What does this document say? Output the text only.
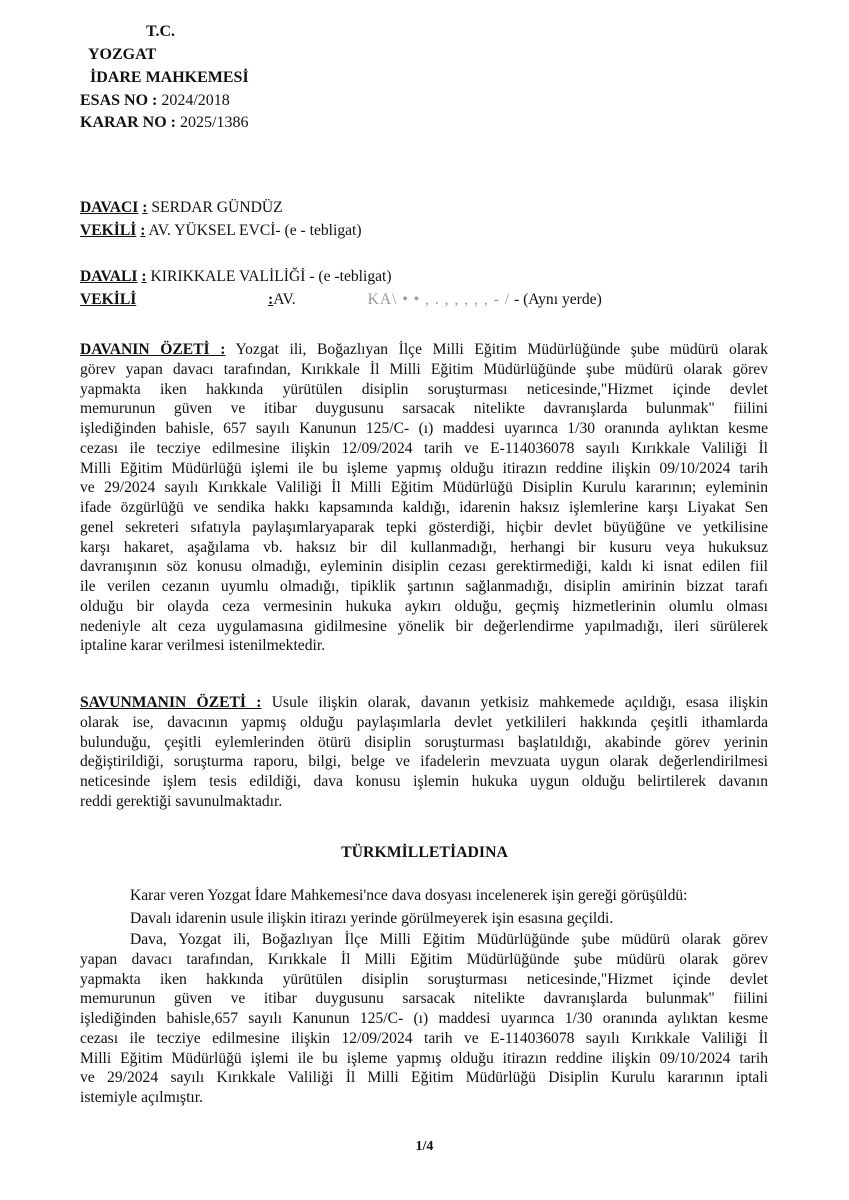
T.C.
YOZGAT
İDARE MAHKEMESİ
ESAS NO : 2024/2018
KARAR NO : 2025/1386
DAVACI : SERDAR GÜNDÜZ
VEKİLİ : AV. YÜKSEL EVCİ- (e - tebligat)
DAVALI : KIRIKKALE VALİLİĞİ - (e -tebligat)
VEKİLİ	:AV.	KA\ • • , . , , , , , - / - (Aynı yerde)
DAVANIN ÖZETİ : Yozgat ili, Boğazlıyan İlçe Milli Eğitim Müdürlüğünde şube müdürü olarak
görev yapan davacı tarafından, Kırıkkale İl Milli Eğitim Müdürlüğünde şube müdürü olarak görev
yapmakta iken hakkında yürütülen disiplin soruşturması neticesinde,"Hizmet içinde devlet
memurunun güven ve itibar duygusunu sarsacak nitelikte davranışlarda bulunmak" fiilini
işlediğinden bahisle, 657 sayılı Kanunun 125/C- (ı) maddesi uyarınca 1/30 oranında aylıktan kesme
cezası ile tecziye edilmesine ilişkin 12/09/2024 tarih ve E-114036078 sayılı Kırıkkale Valiliği İl
Milli Eğitim Müdürlüğü işlemi ile bu işleme yapmış olduğu itirazın reddine ilişkin 09/10/2024 tarih
ve 29/2024 sayılı Kırıkkale Valiliği İl Milli Eğitim Müdürlüğü Disiplin Kurulu kararının; eyleminin
ifade özgürlüğü ve sendika hakkı kapsamında kaldığı, idarenin haksız işlemlerine karşı Liyakat Sen
genel sekreteri sıfatıyla paylaşımlaryaparak tepki gösterdiği, hiçbir devlet büyüğüne ve yetkilisine
karşı hakaret, aşağılama vb. haksız bir dil kullanmadığı, herhangi bir kusuru veya hukuksuz
davranışının söz konusu olmadığı, eyleminin disiplin cezası gerektirmediği, kaldı ki isnat edilen fiil
ile verilen cezanın uyumlu olmadığı, tipiklik şartının sağlanmadığı, disiplin amirinin bizzat tarafı
olduğu bir olayda ceza vermesinin hukuka aykırı olduğu, geçmiş hizmetlerinin olumlu olması
nedeniyle alt ceza uygulamasına gidilmesine yönelik bir değerlendirme yapılmadığı, ileri sürülerek
iptaline karar verilmesi istenilmektedir.
SAVUNMANIN ÖZETİ : Usule ilişkin olarak, davanın yetkisiz mahkemede açıldığı, esasa ilişkin
olarak ise, davacının yapmış olduğu paylaşımlarla devlet yetkilileri hakkında çeşitli ithamlarda
bulunduğu, çeşitli eylemlerinden ötürü disiplin soruşturması başlatıldığı, akabinde görev yerinin
değiştirildiği, soruşturma raporu, bilgi, belge ve ifadelerin mevzuata uygun olarak değerlendirilmesi
neticesinde işlem tesis edildiği, dava konusu işlemin hukuka uygun olduğu belirtilerek davanın
reddi gerektiği savunulmaktadır.
TÜRKMİLLETİADINA
Karar veren Yozgat İdare Mahkemesi'nce dava dosyası incelenerek işin gereği görüşüldü:
Davalı idarenin usule ilişkin itirazı yerinde görülmeyerek işin esasına geçildi.
Dava, Yozgat ili, Boğazlıyan İlçe Milli Eğitim Müdürlüğünde şube müdürü olarak görev
yapan davacı tarafından, Kırıkkale İl Milli Eğitim Müdürlüğünde şube müdürü olarak görev
yapmakta iken hakkında yürütülen disiplin soruşturması neticesinde,"Hizmet içinde devlet
memurunun güven ve itibar duygusunu sarsacak nitelikte davranışlarda bulunmak" fiilini
işlediğinden bahisle,657 sayılı Kanunun 125/C- (ı) maddesi uyarınca 1/30 oranında aylıktan kesme
cezası ile tecziye edilmesine ilişkin 12/09/2024 tarih ve E-114036078 sayılı Kırıkkale Valiliği İl
Milli Eğitim Müdürlüğü işlemi ile bu işleme yapmış olduğu itirazın reddine ilişkin 09/10/2024 tarih
ve 29/2024 sayılı Kırıkkale Valiliği İl Milli Eğitim Müdürlüğü Disiplin Kurulu kararının iptali
istemiyle açılmıştır.
1/4
